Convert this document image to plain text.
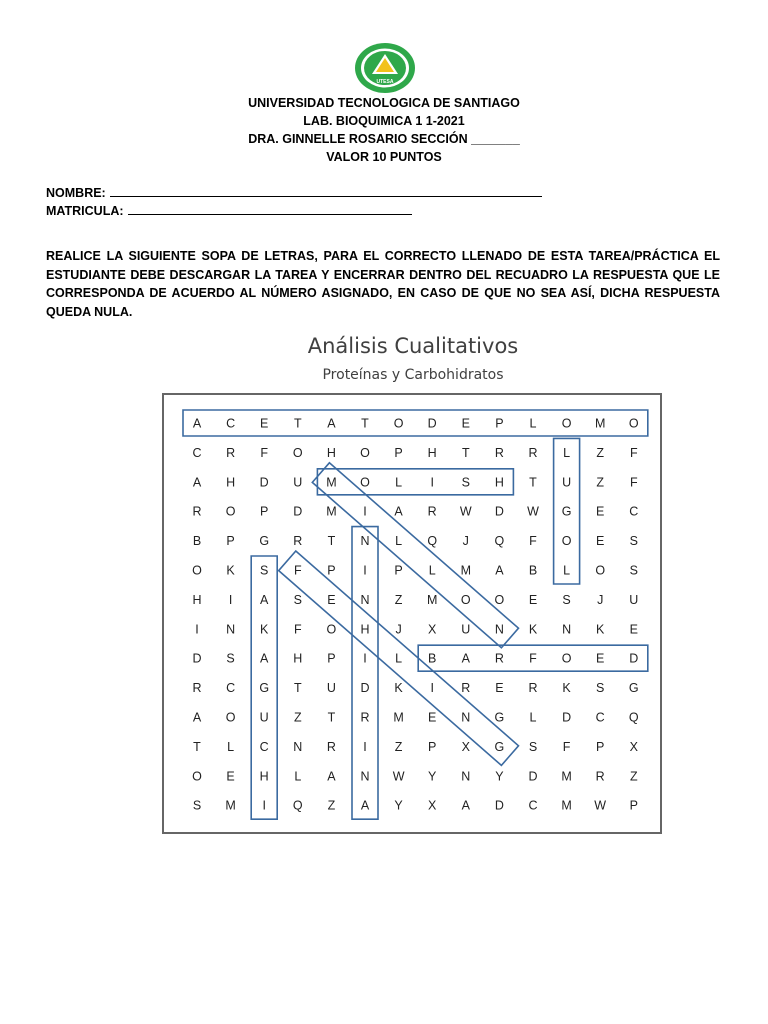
UTESA
UNIVERSIDAD TECNOLOGICA DE SANTIAGO
LAB. BIOQUIMICA 1 1-2021
DRA. GINNELLE ROSARIO SECCIÓN _______
VALOR 10 PUNTOS
NOMBRE:
MATRICULA:
REALICE LA SIGUIENTE SOPA DE LETRAS, PARA EL CORRECTO LLENADO DE ESTA TAREA/PRÁCTICA EL ESTUDIANTE DEBE DESCARGAR LA TAREA Y ENCERRAR DENTRO DEL RECUADRO LA RESPUESTA QUE LE CORRESPONDA DE ACUERDO AL NÚMERO ASIGNADO, EN CASO DE QUE NO SEA ASÍ, DICHA RESPUESTA QUEDA NULA.
Análisis Cualitativos
Proteínas y Carbohidratos
A C E T A T O D E P L O M O
C R F O H O P H T R R L Z F
A H D U M O L I S H T U Z F
R O P D M I A R W D W G E C
B P G R T N L Q J Q F O E S
O K S F P I P L M A B L O S
H I A S E N Z M O O E S J U
I N K F O H J X U N K N K E
D S A H P I L B A R F O E D
R C G T U D K I R E R K S G
A O U Z T R M E N G L D C Q
T L C N R I Z P X G S F P X
O E H L A N W Y N Y D M R Z
S M I Q Z A Y X A D C M W P
